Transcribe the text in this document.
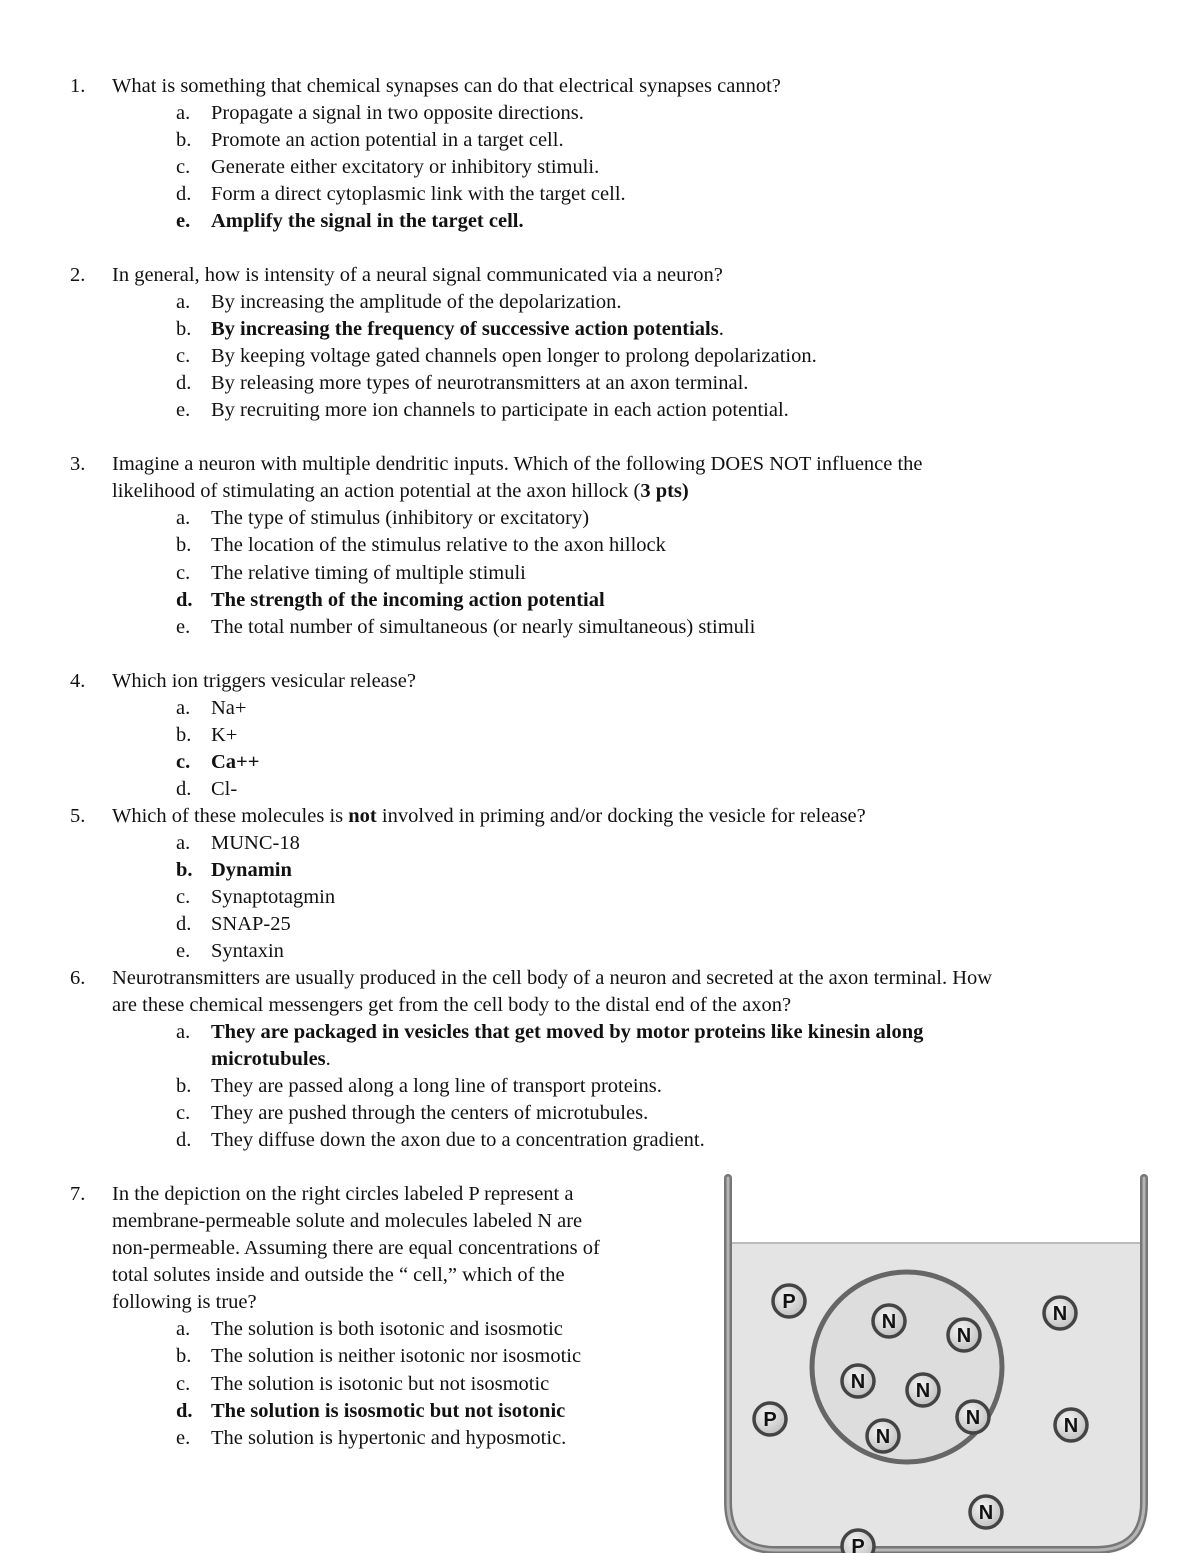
1. What is something that chemical synapses can do that electrical synapses cannot?
a. Propagate a signal in two opposite directions.
b. Promote an action potential in a target cell.
c. Generate either excitatory or inhibitory stimuli.
d. Form a direct cytoplasmic link with the target cell.
e. Amplify the signal in the target cell.
2. In general, how is intensity of a neural signal communicated via a neuron?
a. By increasing the amplitude of the depolarization.
b. By increasing the frequency of successive action potentials.
c. By keeping voltage gated channels open longer to prolong depolarization.
d. By releasing more types of neurotransmitters at an axon terminal.
e. By recruiting more ion channels to participate in each action potential.
3. Imagine a neuron with multiple dendritic inputs. Which of the following DOES NOT influence the
likelihood of stimulating an action potential at the axon hillock (3 pts)
a. The type of stimulus (inhibitory or excitatory)
b. The location of the stimulus relative to the axon hillock
c. The relative timing of multiple stimuli
d. The strength of the incoming action potential
e. The total number of simultaneous (or nearly simultaneous) stimuli
4. Which ion triggers vesicular release?
a. Na+
b. K+
c. Ca++
d. Cl-
5. Which of these molecules is not involved in priming and/or docking the vesicle for release?
a. MUNC-18
b. Dynamin
c. Synaptotagmin
d. SNAP-25
e. Syntaxin
6. Neurotransmitters are usually produced in the cell body of a neuron and secreted at the axon terminal. How
are these chemical messengers get from the cell body to the distal end of the axon?
a. They are packaged in vesicles that get moved by motor proteins like kinesin along
microtubules.
b. They are passed along a long line of transport proteins.
c. They are pushed through the centers of microtubules.
d. They diffuse down the axon due to a concentration gradient.
7. In the depiction on the right circles labeled P represent a
membrane-permeable solute and molecules labeled N are
non-permeable. Assuming there are equal concentrations of
total solutes inside and outside the “ cell,” which of the
following is true?
a. The solution is both isotonic and isosmotic
b. The solution is neither isotonic nor isosmotic
c. The solution is isotonic but not isosmotic
d. The solution is isosmotic but not isotonic
e. The solution is hypertonic and hyposmotic.
P
N
N
N
N	N
N
N
P	N
P
N
